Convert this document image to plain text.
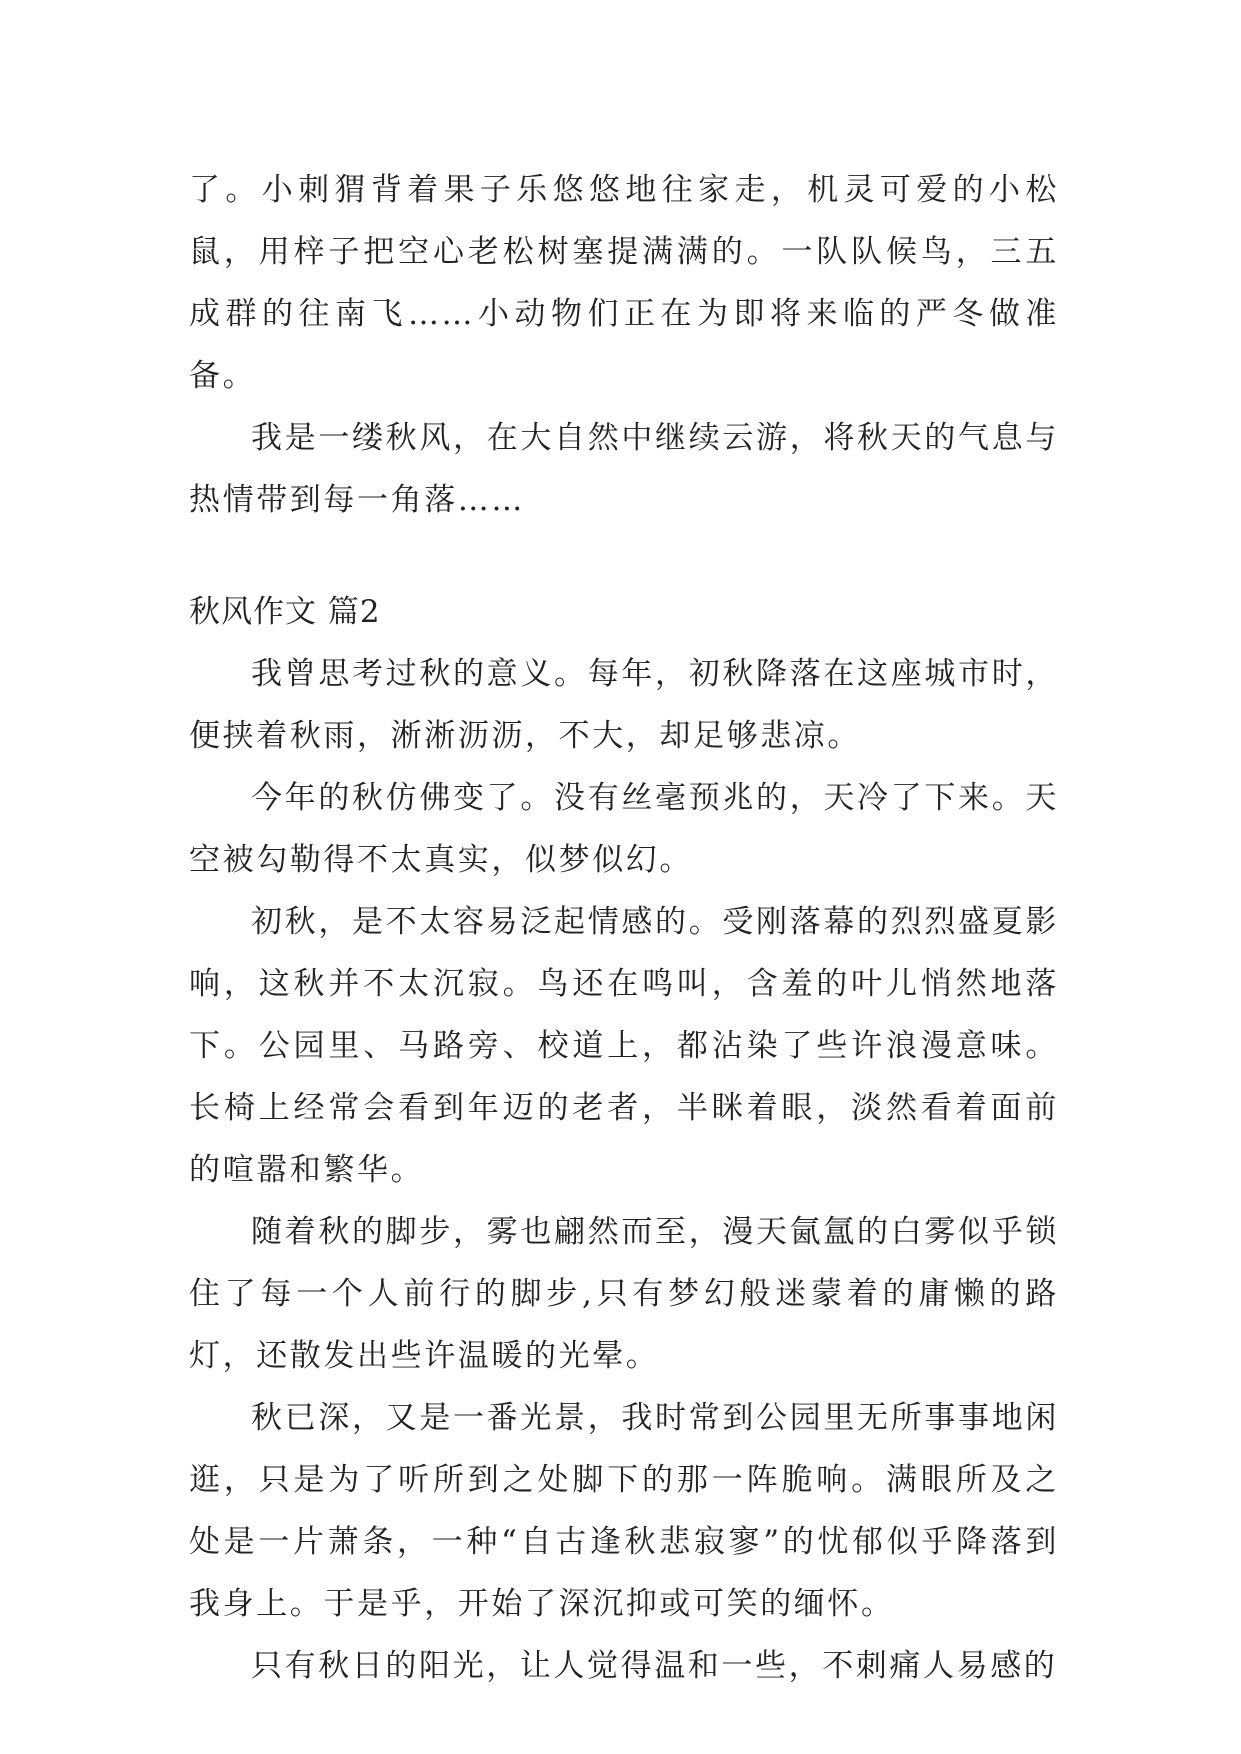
了。小刺猬背着果子乐悠悠地往家走，机灵可爱的小松鼠，用梓子把空心老松树塞提满满的。一队队候鸟，三五成群的往南飞……小动物们正在为即将来临的严冬做准备。

我是一缕秋风，在大自然中继续云游，将秋天的气息与热情带到每一角落……

秋风作文 篇2

我曾思考过秋的意义。每年，初秋降落在这座城市时，便挟着秋雨，淅淅沥沥，不大，却足够悲凉。

今年的秋仿佛变了。没有丝毫预兆的，天冷了下来。天空被勾勒得不太真实，似梦似幻。

初秋，是不太容易泛起情感的。受刚落幕的烈烈盛夏影响，这秋并不太沉寂。鸟还在鸣叫，含羞的叶儿悄然地落下。公园里、马路旁、校道上，都沾染了些许浪漫意味。长椅上经常会看到年迈的老者，半眯着眼，淡然看着面前的喧嚣和繁华。

随着秋的脚步，雾也翩然而至，漫天氤氲的白雾似乎锁住了每一个人前行的脚步,只有梦幻般迷蒙着的庸懒的路灯，还散发出些许温暖的光晕。

秋已深，又是一番光景，我时常到公园里无所事事地闲逛，只是为了听所到之处脚下的那一阵脆响。满眼所及之处是一片萧条，一种“自古逢秋悲寂寥”的忧郁似乎降落到我身上。于是乎，开始了深沉抑或可笑的缅怀。

只有秋日的阳光，让人觉得温和一些，不刺痛人易感的
